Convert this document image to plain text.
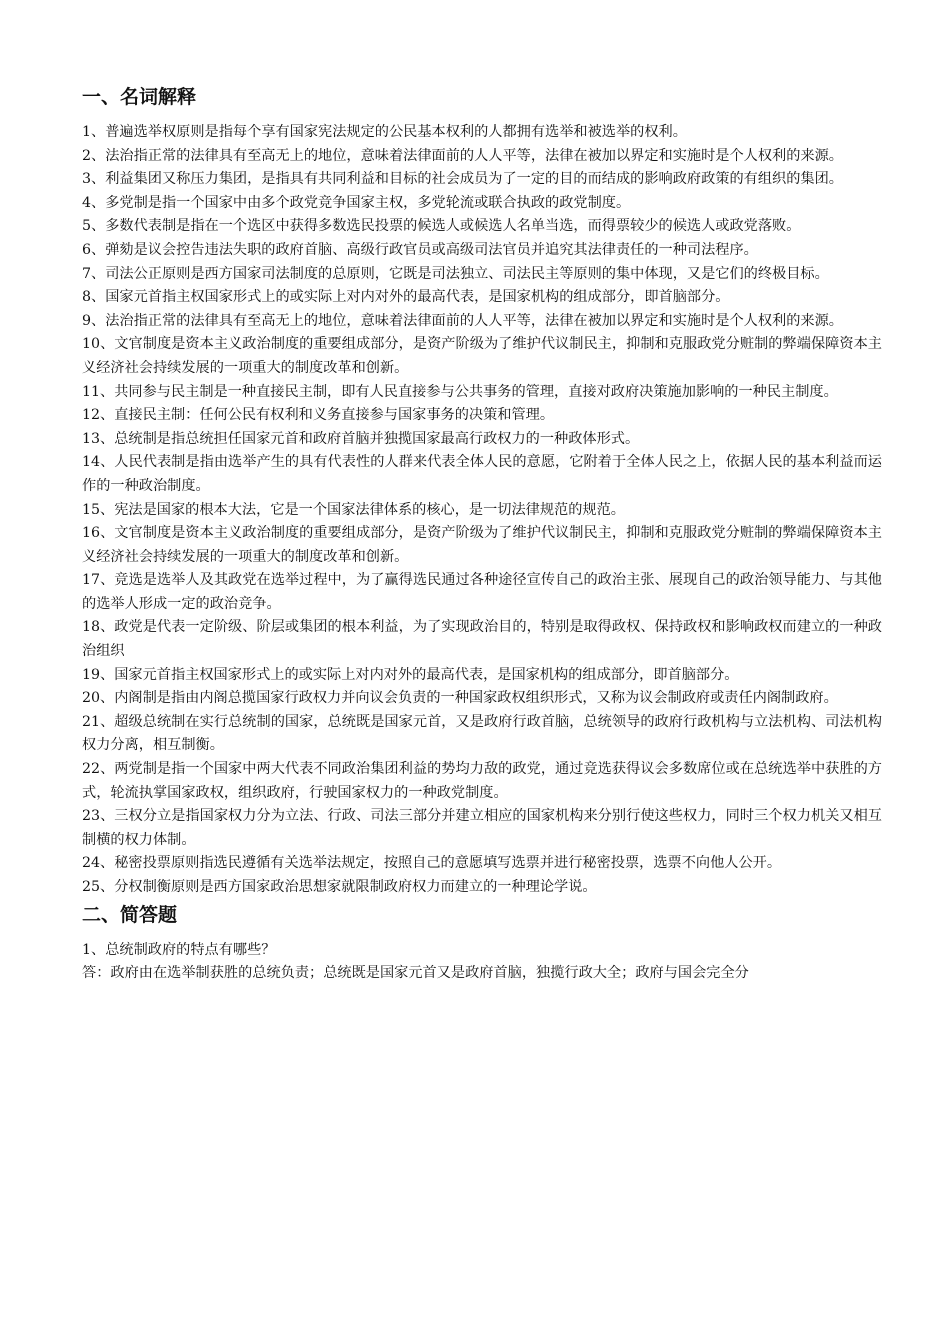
一、名词解释

1、普遍选举权原则是指每个享有国家宪法规定的公民基本权利的人都拥有选举和被选举的权利。

2、法治指正常的法律具有至高无上的地位，意味着法律面前的人人平等，法律在被加以界定和实施时是个人权利的来源。

3、利益集团又称压力集团，是指具有共同利益和目标的社会成员为了一定的目的而结成的影响政府政策的有组织的集团。

4、多党制是指一个国家中由多个政党竞争国家主权，多党轮流或联合执政的政党制度。

5、多数代表制是指在一个选区中获得多数选民投票的候选人或候选人名单当选，而得票较少的候选人或政党落败。

6、弹劾是议会控告违法失职的政府首脑、高级行政官员或高级司法官员并追究其法律责任的一种司法程序。

7、司法公正原则是西方国家司法制度的总原则，它既是司法独立、司法民主等原则的集中体现，又是它们的终极目标。

8、国家元首指主权国家形式上的或实际上对内对外的最高代表，是国家机构的组成部分，即首脑部分。

9、法治指正常的法律具有至高无上的地位，意味着法律面前的人人平等，法律在被加以界定和实施时是个人权利的来源。

10、文官制度是资本主义政治制度的重要组成部分，是资产阶级为了维护代议制民主，抑制和克服政党分赃制的弊端保障资本主义经济社会持续发展的一项重大的制度改革和创新。

11、共同参与民主制是一种直接民主制，即有人民直接参与公共事务的管理，直接对政府决策施加影响的一种民主制度。

12、直接民主制：任何公民有权利和义务直接参与国家事务的决策和管理。

13、总统制是指总统担任国家元首和政府首脑并独揽国家最高行政权力的一种政体形式。

14、人民代表制是指由选举产生的具有代表性的人群来代表全体人民的意愿，它附着于全体人民之上，依据人民的基本利益而运作的一种政治制度。

15、宪法是国家的根本大法，它是一个国家法律体系的核心，是一切法律规范的规范。

16、文官制度是资本主义政治制度的重要组成部分，是资产阶级为了维护代议制民主，抑制和克服政党分赃制的弊端保障资本主义经济社会持续发展的一项重大的制度改革和创新。

17、竞选是选举人及其政党在选举过程中，为了赢得选民通过各种途径宣传自己的政治主张、展现自己的政治领导能力、与其他的选举人形成一定的政治竞争。

18、政党是代表一定阶级、阶层或集团的根本利益，为了实现政治目的，特别是取得政权、保持政权和影响政权而建立的一种政治组织

19、国家元首指主权国家形式上的或实际上对内对外的最高代表，是国家机构的组成部分，即首脑部分。

20、内阁制是指由内阁总揽国家行政权力并向议会负责的一种国家政权组织形式，又称为议会制政府或责任内阁制政府。

21、超级总统制在实行总统制的国家，总统既是国家元首，又是政府行政首脑，总统领导的政府行政机构与立法机构、司法机构权力分离，相互制衡。

22、两党制是指一个国家中两大代表不同政治集团利益的势均力敌的政党，通过竞选获得议会多数席位或在总统选举中获胜的方式，轮流执掌国家政权，组织政府，行驶国家权力的一种政党制度。

23、三权分立是指国家权力分为立法、行政、司法三部分并建立相应的国家机构来分别行使这些权力，同时三个权力机关又相互制横的权力体制。

24、秘密投票原则指选民遵循有关选举法规定，按照自己的意愿填写选票并进行秘密投票，选票不向他人公开。

25、分权制衡原则是西方国家政治思想家就限制政府权力而建立的一种理论学说。

二、简答题

1、总统制政府的特点有哪些？

答：政府由在选举制获胜的总统负责；总统既是国家元首又是政府首脑，独揽行政大全；政府与国会完全分
